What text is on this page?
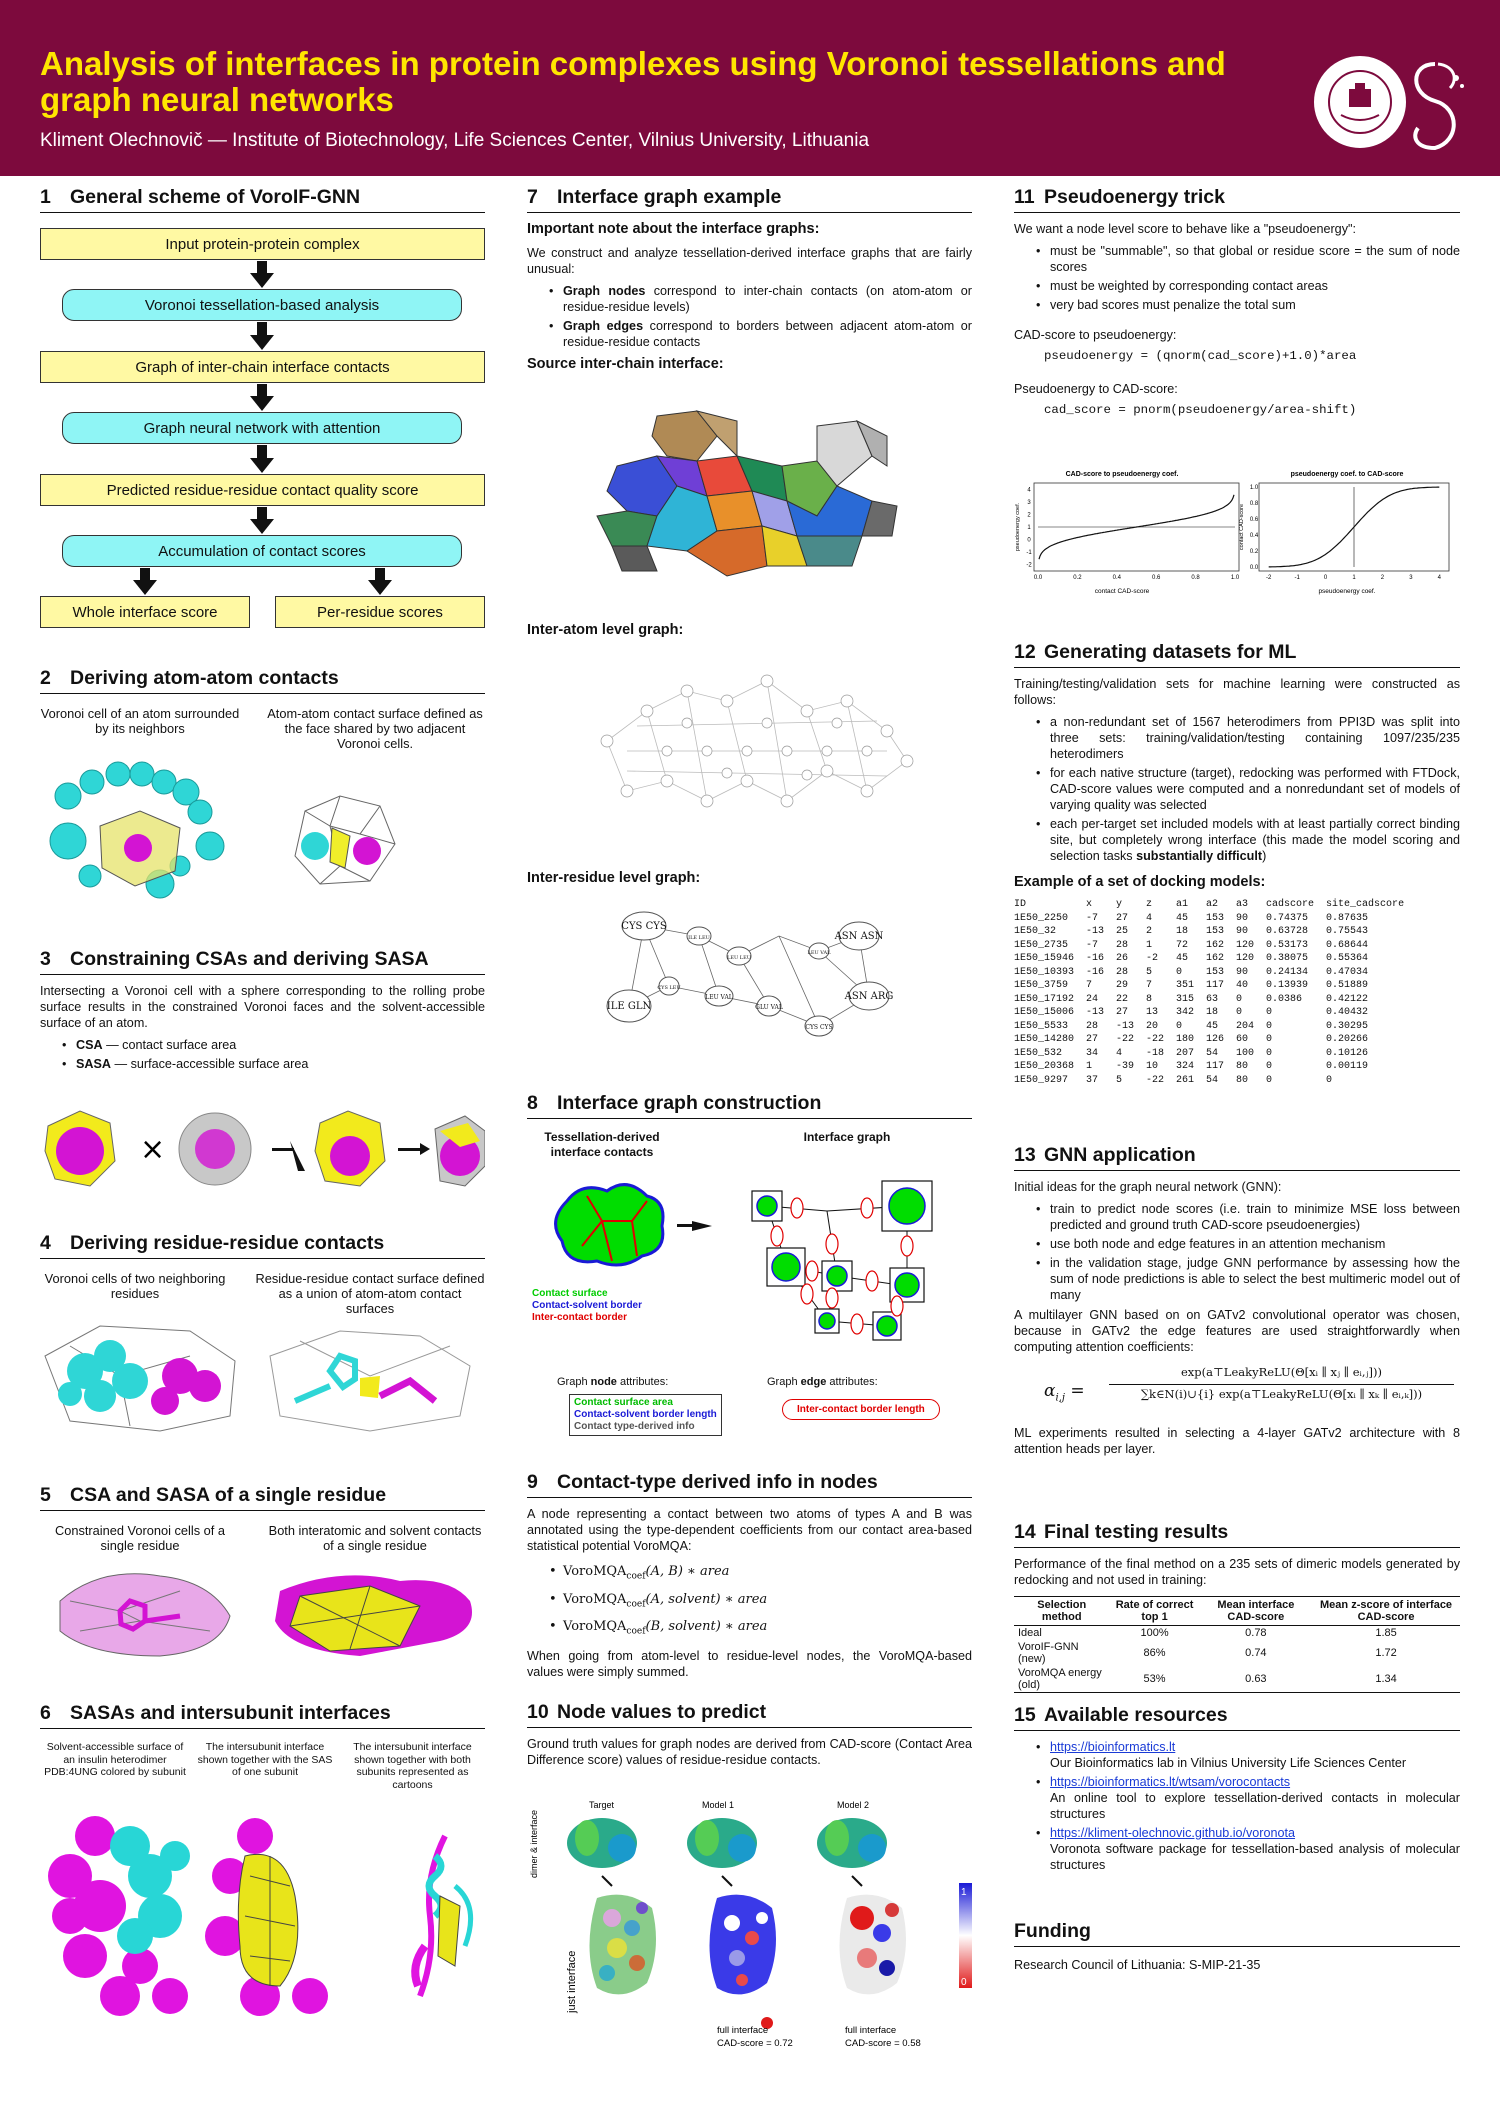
Analysis of interfaces in protein complexes using Voronoi tessellations and graph neural networks
Kliment Olechnovič — Institute of Biotechnology, Life Sciences Center, Vilnius University, Lithuania
1 General scheme of VoroIF-GNN
Input protein-protein complex
Voronoi tessellation-based analysis
Graph of inter-chain interface contacts
Graph neural network with attention
Predicted residue-residue contact quality score
Accumulation of contact scores
Whole interface score	Per-residue scores
2 Deriving atom-atom contacts
Voronoi cell of an atom surrounded by its neighbors
Atom-atom contact surface defined as the face shared by two adjacent Voronoi cells.
3 Constraining CSAs and deriving SASA
Intersecting a Voronoi cell with a sphere corresponding to the rolling probe surface results in the constrained Voronoi faces and the solvent-accessible surface of an atom.
• CSA — contact surface area
• SASA — surface-accessible surface area
×
4 Deriving residue-residue contacts
Voronoi cells of two neighboring residues
Residue-residue contact surface defined as a union of atom-atom contact surfaces
5 CSA and SASA of a single residue
Constrained Voronoi cells of a single residue
Both interatomic and solvent contacts of a single residue
6 SASAs and intersubunit interfaces
Solvent-accessible surface of an insulin heterodimer PDB:4UNG colored by subunit
The intersubunit interface shown together with the SAS of one subunit
The intersubunit interface shown together with both subunits represented as cartoons
7 Interface graph example
Important note about the interface graphs:
We construct and analyze tessellation-derived interface graphs that are fairly unusual:
• Graph nodes correspond to inter-chain contacts (on atom-atom or residue-residue levels)
• Graph edges correspond to borders between adjacent atom-atom or residue-residue contacts
Source inter-chain interface:
Inter-atom level graph:
Inter-residue level graph:
CYS CYS
ASN ASN
ILE GLN
ASN ARG
CYS CYS
GLU VAL
LEU VAL
ILE LEU
LEU LEU
CYS LEU
LEU VAL
8 Interface graph construction
Tessellation-derived interface contacts
Interface graph
Contact surface
Contact-solvent border
Inter-contact border
Graph node attributes:	Graph edge attributes:
Contact surface area
Contact-solvent border length
Contact type-derived info
Inter-contact border length
9 Contact-type derived info in nodes
A node representing a contact between two atoms of types A and B was annotated using the type-dependent coefficients from our contact area-based statistical potential VoroMQA:
• VoroMQA$_{coef}$(A, B) ∗ area
• VoroMQA$_{coef}$(A, solvent) ∗ area
• VoroMQA$_{coef}$(B, solvent) ∗ area
When going from atom-level to residue-level nodes, the VoroMQA-based values were simply summed.
10 Node values to predict
Ground truth values for graph nodes are derived from CAD-score (Contact Area Difference score) values of residue-residue contacts.
Target	Model 1	Model 2
dimer & interface
just interface
1
0
full interface
CAD-score = 0.72
full interface
CAD-score = 0.58
11 Pseudoenergy trick
We want a node level score to behave like a "pseudoenergy":
• must be "summable", so that global or residue score = the sum of node scores
• must be weighted by corresponding contact areas
• very bad scores must penalize the total sum
CAD-score to pseudoenergy:
pseudoenergy = (qnorm(cad_score)+1.0)*area
Pseudoenergy to CAD-score:
cad_score = pnorm(pseudoenergy/area-shift)
CAD-score to pseudoenergy coef.	pseudoenergy coef. to CAD-score
0.0	0.2	0.4	0.6	0.8	1.0
-2
-1
0
1
2
3
4
-2	-1	0	1	2	3	4
0.0
0.2
0.4
0.6
0.8
1.0
contact CAD-score	pseudoenergy coef.
pseudoenergy coef.	contact CAD-score
12 Generating datasets for ML
Training/testing/validation sets for machine learning were constructed as follows:
• a non-redundant set of 1567 heterodimers from PPI3D was split into three sets: training/validation/testing containing 1097/235/235 heterodimers
• for each native structure (target), redocking was performed with FTDock, CAD-score values were computed and a nonredundant set of models of varying quality was selected
• each per-target set included models with at least partially correct binding site, but completely wrong interface (this made the model scoring and selection tasks substantially difficult)
Example of a set of docking models:
ID          x    y    z    a1   a2   a3   cadscore  site_cadscore
1E50_2250   -7   27   4    45   153  90   0.74375   0.87635
1E50_32     -13  25   2    18   153  90   0.63728   0.75543
1E50_2735   -7   28   1    72   162  120  0.53173   0.68644
1E50_15946  -16  26   -2   45   162  120  0.38075   0.55364
1E50_10393  -16  28   5    0    153  90   0.24134   0.47034
1E50_3759   7    29   7    351  117  40   0.13939   0.51889
1E50_17192  24   22   8    315  63   0    0.0386    0.42122
1E50_15006  -13  27   13   342  18   0    0         0.40432
1E50_5533   28   -13  20   0    45   204  0         0.30295
1E50_14280  27   -22  -22  180  126  60   0         0.20266
1E50_532    34   4    -18  207  54   100  0         0.10126
1E50_20368  1    -39  10   324  117  80   0         0.00119
1E50_9297   37   5    -22  261  54   80   0         0
13 GNN application
Initial ideas for the graph neural network (GNN):
• train to predict node scores (i.e. train to minimize MSE loss between predicted and ground truth CAD-score pseudoenergies)
• use both node and edge features in an attention mechanism
• in the validation stage, judge GNN performance by assessing how the sum of node predictions is able to select the best multimeric model out of many
A multilayer GNN based on on GATv2 convolutional operator was chosen, because in GATv2 the edge features are used straightforwardly when computing attention coefficients:
$\alpha_{i,j}$ =
exp(a⊤LeakyReLU(Θ[xᵢ ∥ xⱼ ∥ eᵢ,ⱼ]))
∑k∈N(i)∪{i} exp(a⊤LeakyReLU(Θ[xᵢ ∥ xₖ ∥ eᵢ,ₖ]))
ML experiments resulted in selecting a 4-layer GATv2 architecture with 8 attention heads per layer.
14 Final testing results
Performance of the final method on a 235 sets of dimeric models generated by redocking and not used in training:
Selection method	Rate of correct top 1	Mean interface CAD-score	Mean z-score of interface CAD-score
Ideal	100%	0.78	1.85
VoroIF-GNN (new)	86%	0.74	1.72
VoroMQA energy (old)	53%	0.63	1.34
15 Available resources
• https://bioinformatics.lt
Our Bioinformatics lab in Vilnius University Life Sciences Center
• https://bioinformatics.lt/wtsam/vorocontacts
An online tool to explore tessellation-derived contacts in molecular structures
• https://kliment-olechnovic.github.io/voronota
Voronota software package for tessellation-based analysis of molecular structures
Funding
Research Council of Lithuania: S-MIP-21-35
